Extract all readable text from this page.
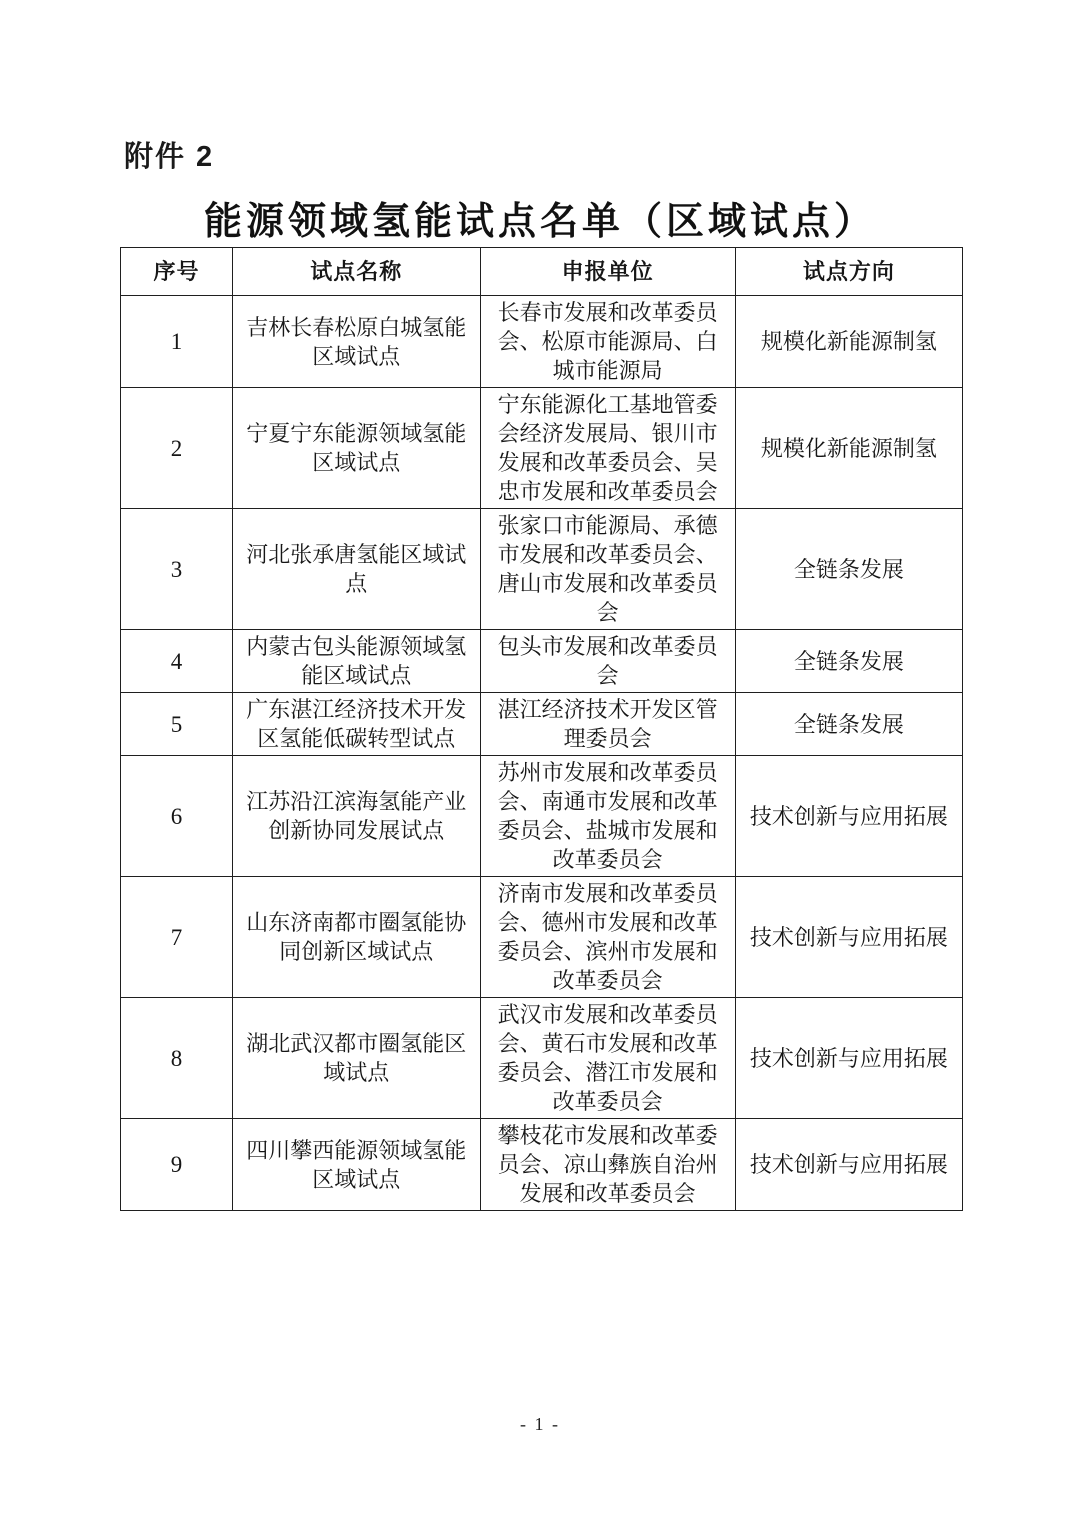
附件 2
能源领域氢能试点名单（区域试点）
序号	试点名称	申报单位	试点方向
1	吉林长春松原白城氢能区域试点	长春市发展和改革委员会、松原市能源局、白城市能源局	规模化新能源制氢
2	宁夏宁东能源领域氢能区域试点	宁东能源化工基地管委会经济发展局、银川市发展和改革委员会、吴忠市发展和改革委员会	规模化新能源制氢
3	河北张承唐氢能区域试点	张家口市能源局、承德市发展和改革委员会、唐山市发展和改革委员会	全链条发展
4	内蒙古包头能源领域氢能区域试点	包头市发展和改革委员会	全链条发展
5	广东湛江经济技术开发区氢能低碳转型试点	湛江经济技术开发区管理委员会	全链条发展
6	江苏沿江滨海氢能产业创新协同发展试点	苏州市发展和改革委员会、南通市发展和改革委员会、盐城市发展和改革委员会	技术创新与应用拓展
7	山东济南都市圈氢能协同创新区域试点	济南市发展和改革委员会、德州市发展和改革委员会、滨州市发展和改革委员会	技术创新与应用拓展
8	湖北武汉都市圈氢能区域试点	武汉市发展和改革委员会、黄石市发展和改革委员会、潜江市发展和改革委员会	技术创新与应用拓展
9	四川攀西能源领域氢能区域试点	攀枝花市发展和改革委员会、凉山彝族自治州发展和改革委员会	技术创新与应用拓展
- 1 -
